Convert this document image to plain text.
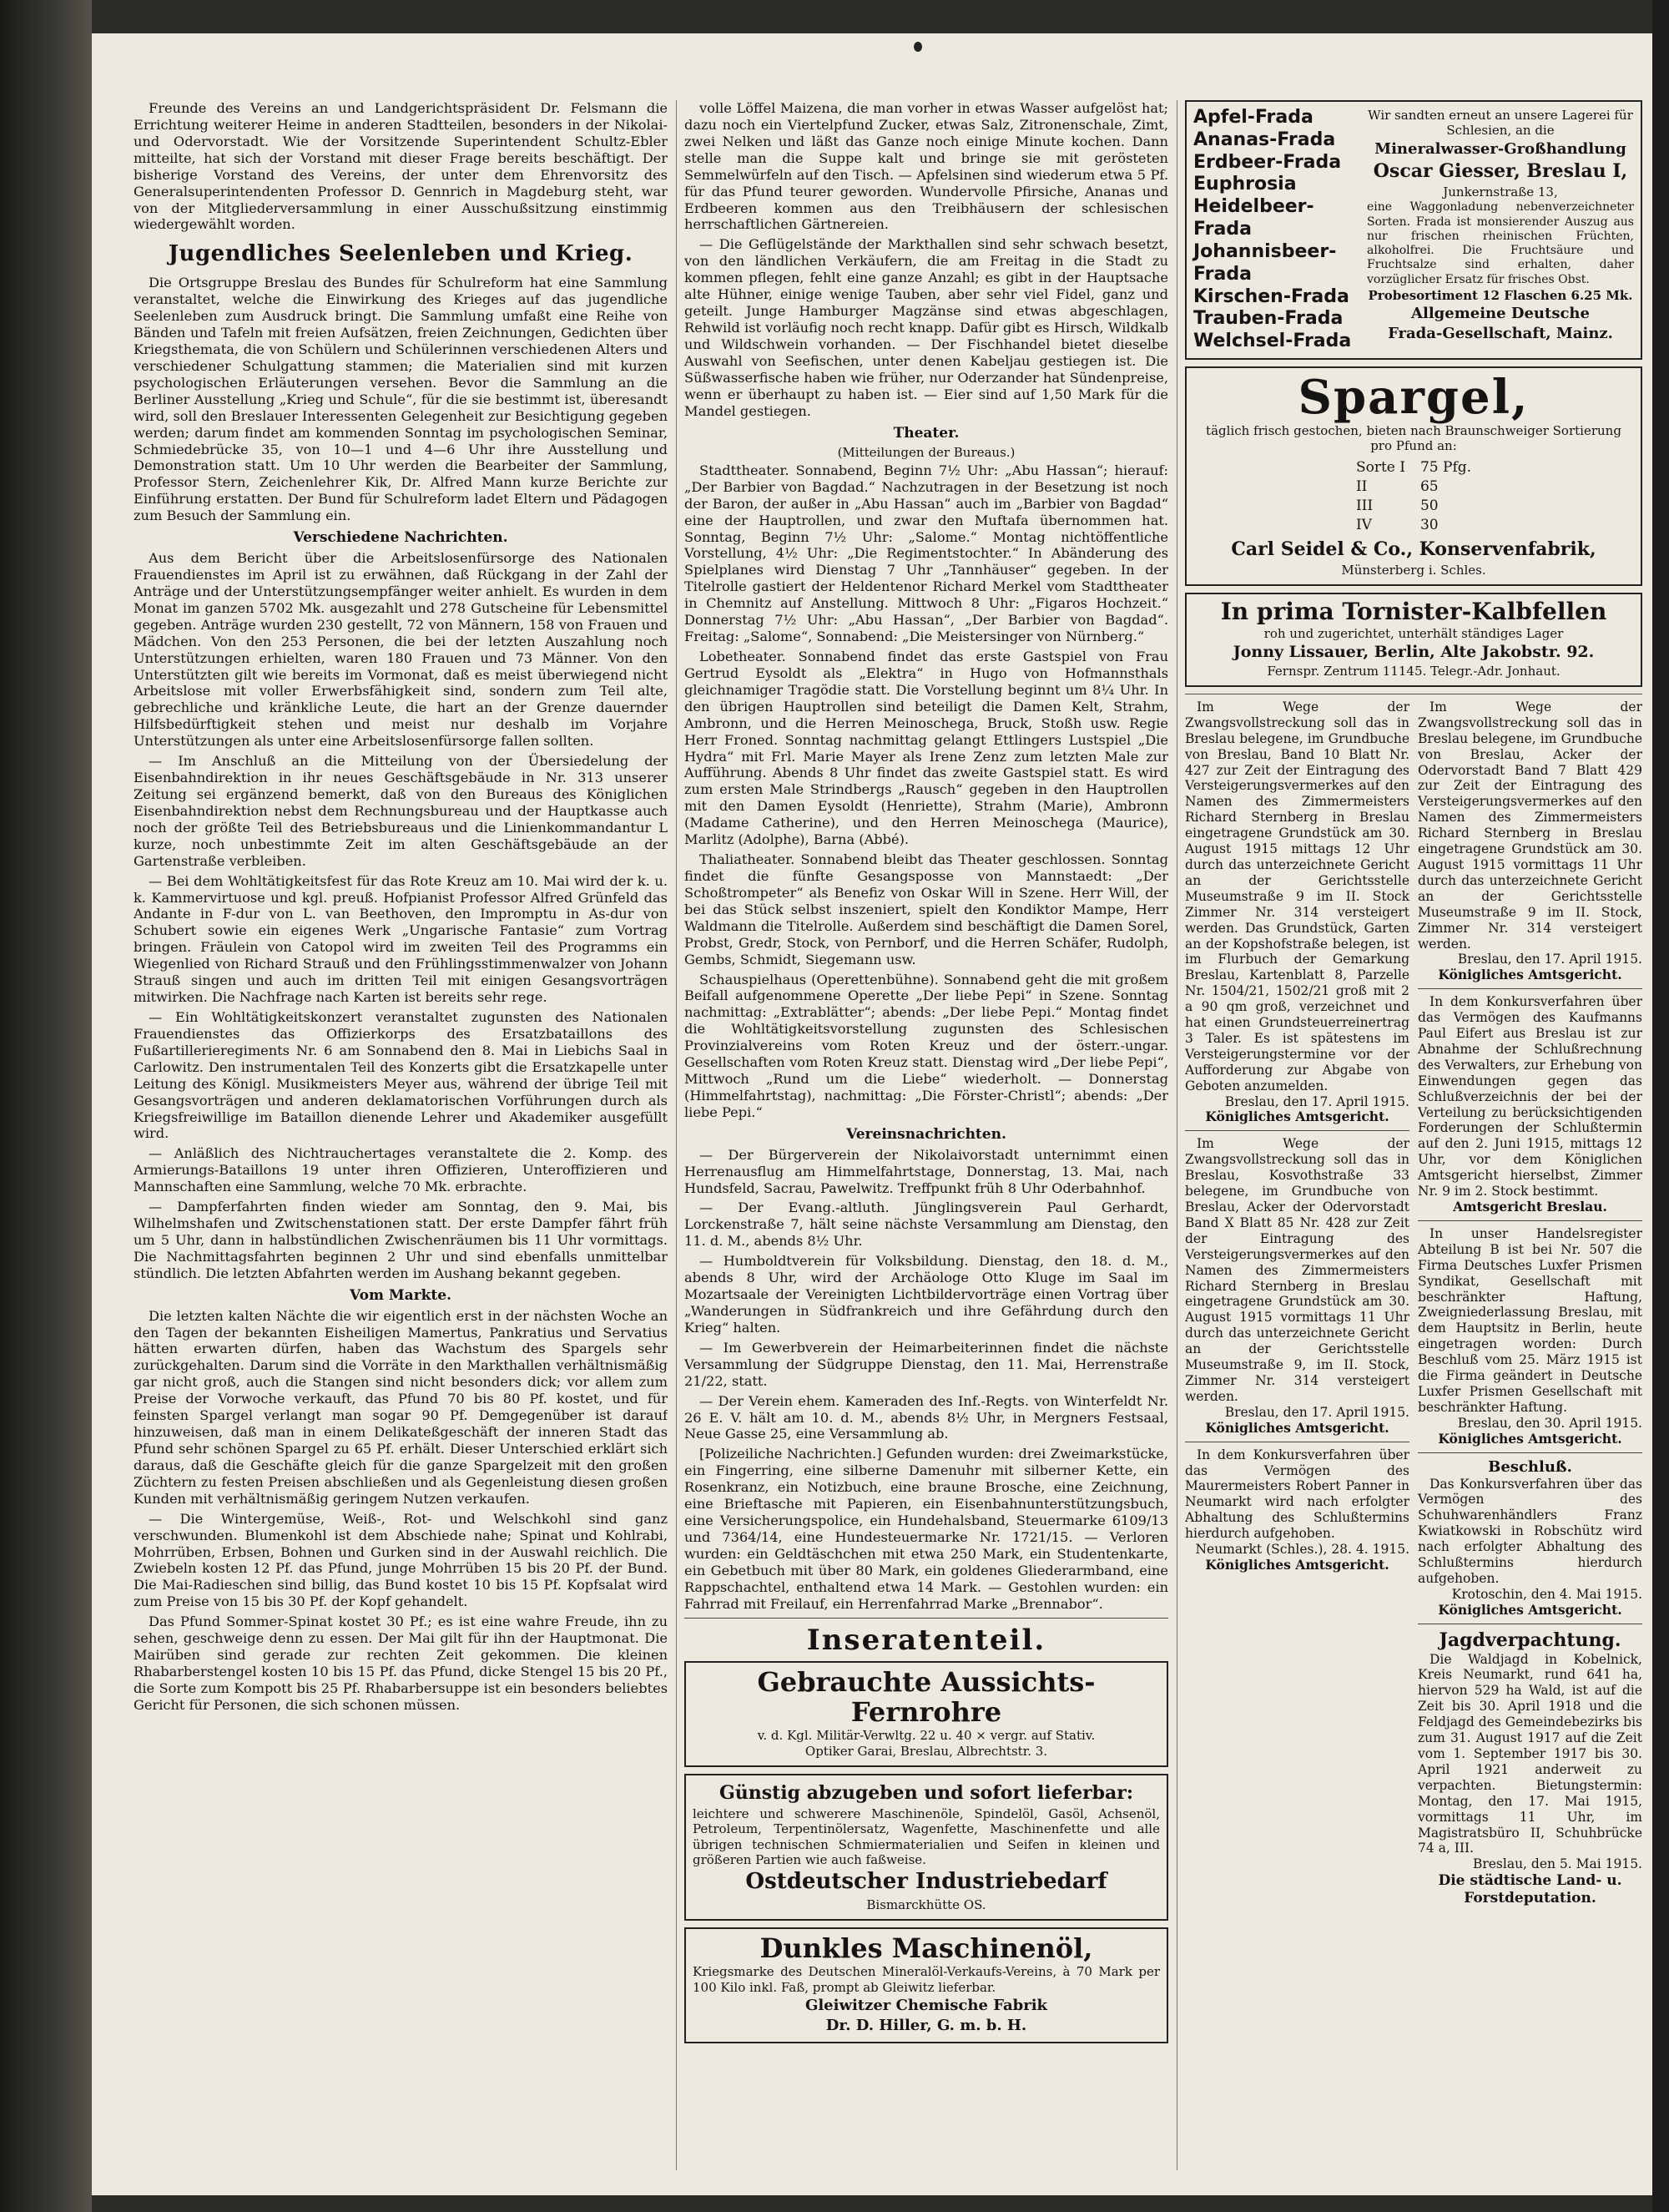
Freunde des Vereins an und Landgerichtspräsident Dr. Felsmann die Errichtung weiterer Heime in anderen Stadtteilen, besonders in der Nikolai- und Odervorstadt. Wie der Vorsitzende Superintendent Schultz-Ebler mitteilte, hat sich der Vorstand mit dieser Frage bereits beschäftigt. Der bisherige Vorstand des Vereins, der unter dem Ehrenvorsitz des Generalsuperintendenten Professor D. Gennrich in Magdeburg steht, war von der Mitgliederversammlung in einer Ausschußsitzung einstimmig wiedergewählt worden.

Jugendliches Seelenleben und Krieg.

Die Ortsgruppe Breslau des Bundes für Schulreform hat eine Sammlung veranstaltet, welche die Einwirkung des Krieges auf das jugendliche Seelenleben zum Ausdruck bringt. Die Sammlung umfaßt eine Reihe von Bänden und Tafeln mit freien Aufsätzen, freien Zeichnungen, Gedichten über Kriegsthemata, die von Schülern und Schülerinnen verschiedenen Alters und verschiedener Schulgattung stammen; die Materialien sind mit kurzen psychologischen Erläuterungen versehen. Bevor die Sammlung an die Berliner Ausstellung „Krieg und Schule“, für die sie bestimmt ist, überesandt wird, soll den Breslauer Interessenten Gelegenheit zur Besichtigung gegeben werden; darum findet am kommenden Sonntag im psychologischen Seminar, Schmiedebrücke 35, von 10—1 und 4—6 Uhr ihre Ausstellung und Demonstration statt. Um 10 Uhr werden die Bearbeiter der Sammlung, Professor Stern, Zeichenlehrer Kik, Dr. Alfred Mann kurze Berichte zur Einführung erstatten. Der Bund für Schulreform ladet Eltern und Pädagogen zum Besuch der Sammlung ein.

Verschiedene Nachrichten.

Aus dem Bericht über die Arbeitslosenfürsorge des Nationalen Frauendienstes im April ist zu erwähnen, daß Rückgang in der Zahl der Anträge und der Unterstützungsempfänger weiter anhielt. Es wurden in dem Monat im ganzen 5702 Mk. ausgezahlt und 278 Gutscheine für Lebensmittel gegeben. Anträge wurden 230 gestellt, 72 von Männern, 158 von Frauen und Mädchen. Von den 253 Personen, die bei der letzten Auszahlung noch Unterstützungen erhielten, waren 180 Frauen und 73 Männer. Von den Unterstützten gilt wie bereits im Vormonat, daß es meist überwiegend nicht Arbeitslose mit voller Erwerbsfähigkeit sind, sondern zum Teil alte, gebrechliche und kränkliche Leute, die hart an der Grenze dauernder Hilfsbedürftigkeit stehen und meist nur deshalb im Vorjahre Unterstützungen als unter eine Arbeitslosenfürsorge fallen sollten.

— Im Anschluß an die Mitteilung von der Übersiedelung der Eisenbahndirektion in ihr neues Geschäftsgebäude in Nr. 313 unserer Zeitung sei ergänzend bemerkt, daß von den Bureaus des Königlichen Eisenbahndirektion nebst dem Rechnungsbureau und der Hauptkasse auch noch der größte Teil des Betriebsbureaus und die Linienkommandantur L kurze, noch unbestimmte Zeit im alten Geschäftsgebäude an der Gartenstraße verbleiben.

— Bei dem Wohltätigkeitsfest für das Rote Kreuz am 10. Mai wird der k. u. k. Kammervirtuose und kgl. preuß. Hofpianist Professor Alfred Grünfeld das Andante in F-dur von L. van Beethoven, den Impromptu in As-dur von Schubert sowie ein eigenes Werk „Ungarische Fantasie“ zum Vortrag bringen. Fräulein von Catopol wird im zweiten Teil des Programms ein Wiegenlied von Richard Strauß und den Frühlingsstimmenwalzer von Johann Strauß singen und auch im dritten Teil mit einigen Gesangsvorträgen mitwirken. Die Nachfrage nach Karten ist bereits sehr rege.

— Ein Wohltätigkeitskonzert veranstaltet zugunsten des Nationalen Frauendienstes das Offizierkorps des Ersatzbataillons des Fußartillerieregiments Nr. 6 am Sonnabend den 8. Mai in Liebichs Saal in Carlowitz. Den instrumentalen Teil des Konzerts gibt die Ersatzkapelle unter Leitung des Königl. Musikmeisters Meyer aus, während der übrige Teil mit Gesangsvorträgen und anderen deklamatorischen Vorführungen durch als Kriegsfreiwillige im Bataillon dienende Lehrer und Akademiker ausgefüllt wird.

— Anläßlich des Nichtrauchertages veranstaltete die 2. Komp. des Armierungs-Bataillons 19 unter ihren Offizieren, Unteroffizieren und Mannschaften eine Sammlung, welche 70 Mk. erbrachte.

— Dampferfahrten finden wieder am Sonntag, den 9. Mai, bis Wilhelmshafen und Zwitschenstationen statt. Der erste Dampfer fährt früh um 5 Uhr, dann in halbstündlichen Zwischenräumen bis 11 Uhr vormittags. Die Nachmittagsfahrten beginnen 2 Uhr und sind ebenfalls unmittelbar stündlich. Die letzten Abfahrten werden im Aushang bekannt gegeben.

Vom Markte.

Die letzten kalten Nächte die wir eigentlich erst in der nächsten Woche an den Tagen der bekannten Eisheiligen Mamertus, Pankratius und Servatius hätten erwarten dürfen, haben das Wachstum des Spargels sehr zurückgehalten. Darum sind die Vorräte in den Markthallen verhältnismäßig gar nicht groß, auch die Stangen sind nicht besonders dick; vor allem zum Preise der Vorwoche verkauft, das Pfund 70 bis 80 Pf. kostet, und für feinsten Spargel verlangt man sogar 90 Pf. Demgegenüber ist darauf hinzuweisen, daß man in einem Delikateßgeschäft der inneren Stadt das Pfund sehr schönen Spargel zu 65 Pf. erhält. Dieser Unterschied erklärt sich daraus, daß die Geschäfte gleich für die ganze Spargelzeit mit den großen Züchtern zu festen Preisen abschließen und als Gegenleistung diesen großen Kunden mit verhältnismäßig geringem Nutzen verkaufen.

— Die Wintergemüse, Weiß-, Rot- und Welschkohl sind ganz verschwunden. Blumenkohl ist dem Abschiede nahe; Spinat und Kohlrabi, Mohrrüben, Erbsen, Bohnen und Gurken sind in der Auswahl reichlich. Die Zwiebeln kosten 12 Pf. das Pfund, junge Mohrrüben 15 bis 20 Pf. der Bund. Die Mai-Radieschen sind billig, das Bund kostet 10 bis 15 Pf. Kopfsalat wird zum Preise von 15 bis 30 Pf. der Kopf gehandelt.

Das Pfund Sommer-Spinat kostet 30 Pf.; es ist eine wahre Freude, ihn zu sehen, geschweige denn zu essen. Der Mai gilt für ihn der Hauptmonat. Die Mairüben sind gerade zur rechten Zeit gekommen. Die kleinen Rhabarberstengel kosten 10 bis 15 Pf. das Pfund, dicke Stengel 15 bis 20 Pf., die Sorte zum Kompott bis 25 Pf. Rhabarbersuppe ist ein besonders beliebtes Gericht für Personen, die sich schonen müssen.

volle Löffel Maizena, die man vorher in etwas Wasser aufgelöst hat; dazu noch ein Viertelpfund Zucker, etwas Salz, Zitronenschale, Zimt, zwei Nelken und läßt das Ganze noch einige Minute kochen. Dann stelle man die Suppe kalt und bringe sie mit gerösteten Semmelwürfeln auf den Tisch. — Apfelsinen sind wiederum etwa 5 Pf. für das Pfund teurer geworden. Wundervolle Pfirsiche, Ananas und Erdbeeren kommen aus den Treibhäusern der schlesischen herrschaftlichen Gärtnereien.

— Die Geflügelstände der Markthallen sind sehr schwach besetzt, von den ländlichen Verkäufern, die am Freitag in die Stadt zu kommen pflegen, fehlt eine ganze Anzahl; es gibt in der Hauptsache alte Hühner, einige wenige Tauben, aber sehr viel Fidel, ganz und geteilt. Junge Hamburger Magzänse sind etwas abgeschlagen, Rehwild ist vorläufig noch recht knapp. Dafür gibt es Hirsch, Wildkalb und Wildschwein vorhanden. — Der Fischhandel bietet dieselbe Auswahl von Seefischen, unter denen Kabeljau gestiegen ist. Die Süßwasserfische haben wie früher, nur Oderzander hat Sündenpreise, wenn er überhaupt zu haben ist. — Eier sind auf 1,50 Mark für die Mandel gestiegen.

Theater.
(Mitteilungen der Bureaus.)

Stadttheater. Sonnabend, Beginn 7½ Uhr: „Abu Hassan“; hierauf: „Der Barbier von Bagdad.“ Nachzutragen in der Besetzung ist noch der Baron, der außer in „Abu Hassan“ auch im „Barbier von Bagdad“ eine der Hauptrollen, und zwar den Muftafa übernommen hat. Sonntag, Beginn 7½ Uhr: „Salome.“ Montag nichtöffentliche Vorstellung, 4½ Uhr: „Die Regimentstochter.“ In Abänderung des Spielplanes wird Dienstag 7 Uhr „Tannhäuser“ gegeben. In der Titelrolle gastiert der Heldentenor Richard Merkel vom Stadttheater in Chemnitz auf Anstellung. Mittwoch 8 Uhr: „Figaros Hochzeit.“ Donnerstag 7½ Uhr: „Abu Hassan“, „Der Barbier von Bagdad“. Freitag: „Salome“, Sonnabend: „Die Meistersinger von Nürnberg.“

Lobetheater. Sonnabend findet das erste Gastspiel von Frau Gertrud Eysoldt als „Elektra“ in Hugo von Hofmannsthals gleichnamiger Tragödie statt. Die Vorstellung beginnt um 8¼ Uhr. In den übrigen Hauptrollen sind beteiligt die Damen Kelt, Strahm, Ambronn, und die Herren Meinoschega, Bruck, Stoßh usw. Regie Herr Froned. Sonntag nachmittag gelangt Ettlingers Lustspiel „Die Hydra“ mit Frl. Marie Mayer als Irene Zenz zum letzten Male zur Aufführung. Abends 8 Uhr findet das zweite Gastspiel statt. Es wird zum ersten Male Strindbergs „Rausch“ gegeben in den Hauptrollen mit den Damen Eysoldt (Henriette), Strahm (Marie), Ambronn (Madame Catherine), und den Herren Meinoschega (Maurice), Marlitz (Adolphe), Barna (Abbé).

Thaliatheater. Sonnabend bleibt das Theater geschlossen. Sonntag findet die fünfte Gesangsposse von Mannstaedt: „Der Schoßtrompeter“ als Benefiz von Oskar Will in Szene. Herr Will, der bei das Stück selbst inszeniert, spielt den Kondiktor Mampe, Herr Waldmann die Titelrolle. Außerdem sind beschäftigt die Damen Sorel, Probst, Gredr, Stock, von Pernborf, und die Herren Schäfer, Rudolph, Gembs, Schmidt, Siegemann usw.

Schauspielhaus (Operettenbühne). Sonnabend geht die mit großem Beifall aufgenommene Operette „Der liebe Pepi“ in Szene. Sonntag nachmittag: „Extrablätter“; abends: „Der liebe Pepi.“ Montag findet die Wohltätigkeitsvorstellung zugunsten des Schlesischen Provinzialvereins vom Roten Kreuz und der österr.-ungar. Gesellschaften vom Roten Kreuz statt. Dienstag wird „Der liebe Pepi“, Mittwoch „Rund um die Liebe“ wiederholt. — Donnerstag (Himmelfahrtstag), nachmittag: „Die Förster-Christl“; abends: „Der liebe Pepi.“

Vereinsnachrichten.

— Der Bürgerverein der Nikolaivorstadt unternimmt einen Herrenausflug am Himmelfahrtstage, Donnerstag, 13. Mai, nach Hundsfeld, Sacrau, Pawelwitz. Treffpunkt früh 8 Uhr Oderbahnhof.

— Der Evang.-altluth. Jünglingsverein Paul Gerhardt, Lorckenstraße 7, hält seine nächste Versammlung am Dienstag, den 11. d. M., abends 8½ Uhr.

— Humboldtverein für Volksbildung. Dienstag, den 18. d. M., abends 8 Uhr, wird der Archäologe Otto Kluge im Saal im Mozartsaale der Vereinigten Lichtbildervorträge einen Vortrag über „Wanderungen in Südfrankreich und ihre Gefährdung durch den Krieg“ halten.

— Im Gewerbverein der Heimarbeiterinnen findet die nächste Versammlung der Südgruppe Dienstag, den 11. Mai, Herrenstraße 21/22, statt.

— Der Verein ehem. Kameraden des Inf.-Regts. von Winterfeldt Nr. 26 E. V. hält am 10. d. M., abends 8½ Uhr, in Mergners Festsaal, Neue Gasse 25, eine Versammlung ab.

[Polizeiliche Nachrichten.] Gefunden wurden: drei Zweimarkstücke, ein Fingerring, eine silberne Damenuhr mit silberner Kette, ein Rosenkranz, ein Notizbuch, eine braune Brosche, eine Zeichnung, eine Brieftasche mit Papieren, ein Eisenbahnunterstützungsbuch, eine Versicherungspolice, ein Hundehalsband, Steuermarke 6109/13 und 7364/14, eine Hundesteuermarke Nr. 1721/15. — Verloren wurden: ein Geldtäschchen mit etwa 250 Mark, ein Studentenkarte, ein Gebetbuch mit über 80 Mark, ein goldenes Gliederarmband, eine Rappschachtel, enthaltend etwa 14 Mark. — Gestohlen wurden: ein Fahrrad mit Freilauf, ein Herrenfahrrad Marke „Brennabor“.

Inseratenteil.
Gebrauchte Aussichts-Fernrohre
v. d. Kgl. Militär-Verwltg. 22 u. 40 × vergr. auf Stativ.
Optiker Garai, Breslau, Albrechtstr. 3.
Günstig abzugeben und sofort lieferbar:
leichtere und schwerere Maschinenöle, Spindelöl, Gasöl, Achsenöl, Petroleum, Terpentinölersatz, Wagenfette, Maschinenfette und alle übrigen technischen Schmiermaterialien und Seifen in kleinen und größeren Partien wie auch faßweise.
Ostdeutscher Industriebedarf
Bismarckhütte OS.
Dunkles Maschinenöl,
Kriegsmarke des Deutschen Mineralöl-Verkaufs-Vereins, à 70 Mark per 100 Kilo inkl. Faß, prompt ab Gleiwitz lieferbar.
Gleiwitzer Chemische Fabrik
Dr. D. Hiller, G. m. b. H.
Apfel-Frada
Ananas-Frada
Erdbeer-Frada
Euphrosia
Heidelbeer-Frada
Johannisbeer-Frada
Kirschen-Frada
Trauben-Frada
Welchsel-Frada
Wir sandten erneut an unsere Lagerei für Schlesien, an die
Mineralwasser-Großhandlung
Oscar Giesser, Breslau I,
Junkernstraße 13,
eine Waggonladung nebenverzeichneter Sorten. Frada ist monsierender Auszug aus nur frischen rheinischen Früchten, alkoholfrei. Die Fruchtsäure und Fruchtsalze sind erhalten, daher vorzüglicher Ersatz für frisches Obst.
Probesortiment 12 Flaschen 6.25 Mk.
Allgemeine Deutsche
Frada-Gesellschaft, Mainz.
Spargel,
täglich frisch gestochen, bieten nach Braunschweiger Sortierung pro Pfund an:
Sorte I	75 Pfg.
II	65
III	50
IV	30
Carl Seidel & Co., Konservenfabrik,
Münsterberg i. Schles.
In prima Tornister-Kalbfellen
roh und zugerichtet, unterhält ständiges Lager
Jonny Lissauer, Berlin, Alte Jakobstr. 92.
Fernspr. Zentrum 11145. Telegr.-Adr. Jonhaut.

Im Wege der Zwangsvollstreckung soll das in Breslau belegene, im Grundbuche von Breslau, Band 10 Blatt Nr. 427 zur Zeit der Eintragung des Versteigerungsvermerkes auf den Namen des Zimmermeisters Richard Sternberg in Breslau eingetragene Grundstück am 30. August 1915 mittags 12 Uhr durch das unterzeichnete Gericht an der Gerichtsstelle Museumstraße 9 im II. Stock Zimmer Nr. 314 versteigert werden. Das Grundstück, Garten an der Kopshofstraße belegen, ist im Flurbuch der Gemarkung Breslau, Kartenblatt 8, Parzelle Nr. 1504/21, 1502/21 groß mit 2 a 90 qm groß, verzeichnet und hat einen Grundsteuerreinertrag 3 Taler. Es ist spätestens im Versteigerungstermine vor der Aufforderung zur Abgabe von Geboten anzumelden.

Breslau, den 17. April 1915.
Königliches Amtsgericht.

Im Wege der Zwangsvollstreckung soll das in Breslau, Kosvothstraße 33 belegene, im Grundbuche von Breslau, Acker der Odervorstadt Band X Blatt 85 Nr. 428 zur Zeit der Eintragung des Versteigerungsvermerkes auf den Namen des Zimmermeisters Richard Sternberg in Breslau eingetragene Grundstück am 30. August 1915 vormittags 11 Uhr durch das unterzeichnete Gericht an der Gerichtsstelle Museumstraße 9, im II. Stock, Zimmer Nr. 314 versteigert werden.

Breslau, den 17. April 1915.
Königliches Amtsgericht.

In dem Konkursverfahren über das Vermögen des Maurermeisters Robert Panner in Neumarkt wird nach erfolgter Abhaltung des Schlußtermins hierdurch aufgehoben.

Neumarkt (Schles.), 28. 4. 1915.
Königliches Amtsgericht.

Im Wege der Zwangsvollstreckung soll das in Breslau belegene, im Grundbuche von Breslau, Acker der Odervorstadt Band 7 Blatt 429 zur Zeit der Eintragung des Versteigerungsvermerkes auf den Namen des Zimmermeisters Richard Sternberg in Breslau eingetragene Grundstück am 30. August 1915 vormittags 11 Uhr durch das unterzeichnete Gericht an der Gerichtsstelle Museumstraße 9 im II. Stock, Zimmer Nr. 314 versteigert werden.

Breslau, den 17. April 1915.
Königliches Amtsgericht.

In dem Konkursverfahren über das Vermögen des Kaufmanns Paul Eifert aus Breslau ist zur Abnahme der Schlußrechnung des Verwalters, zur Erhebung von Einwendungen gegen das Schlußverzeichnis der bei der Verteilung zu berücksichtigenden Forderungen der Schlußtermin auf den 2. Juni 1915, mittags 12 Uhr, vor dem Königlichen Amtsgericht hierselbst, Zimmer Nr. 9 im 2. Stock bestimmt.

Amtsgericht Breslau.

In unser Handelsregister Abteilung B ist bei Nr. 507 die Firma Deutsches Luxfer Prismen Syndikat, Gesellschaft mit beschränkter Haftung, Zweigniederlassung Breslau, mit dem Hauptsitz in Berlin, heute eingetragen worden: Durch Beschluß vom 25. März 1915 ist die Firma geändert in Deutsche Luxfer Prismen Gesellschaft mit beschränkter Haftung.

Breslau, den 30. April 1915.
Königliches Amtsgericht.
Beschluß.

Das Konkursverfahren über das Vermögen des Schuhwarenhändlers Franz Kwiatkowski in Robschütz wird nach erfolgter Abhaltung des Schlußtermins hierdurch aufgehoben.

Krotoschin, den 4. Mai 1915.
Königliches Amtsgericht.
Jagdverpachtung.

Die Waldjagd in Kobelnick, Kreis Neumarkt, rund 641 ha, hiervon 529 ha Wald, ist auf die Zeit bis 30. April 1918 und die Feldjagd des Gemeindebezirks bis zum 31. August 1917 auf die Zeit vom 1. September 1917 bis 30. April 1921 anderweit zu verpachten. Bietungstermin: Montag, den 17. Mai 1915, vormittags 11 Uhr, im Magistratsbüro II, Schuhbrücke 74 a, III.

Breslau, den 5. Mai 1915.
Die städtische Land- u. Forstdeputation.
